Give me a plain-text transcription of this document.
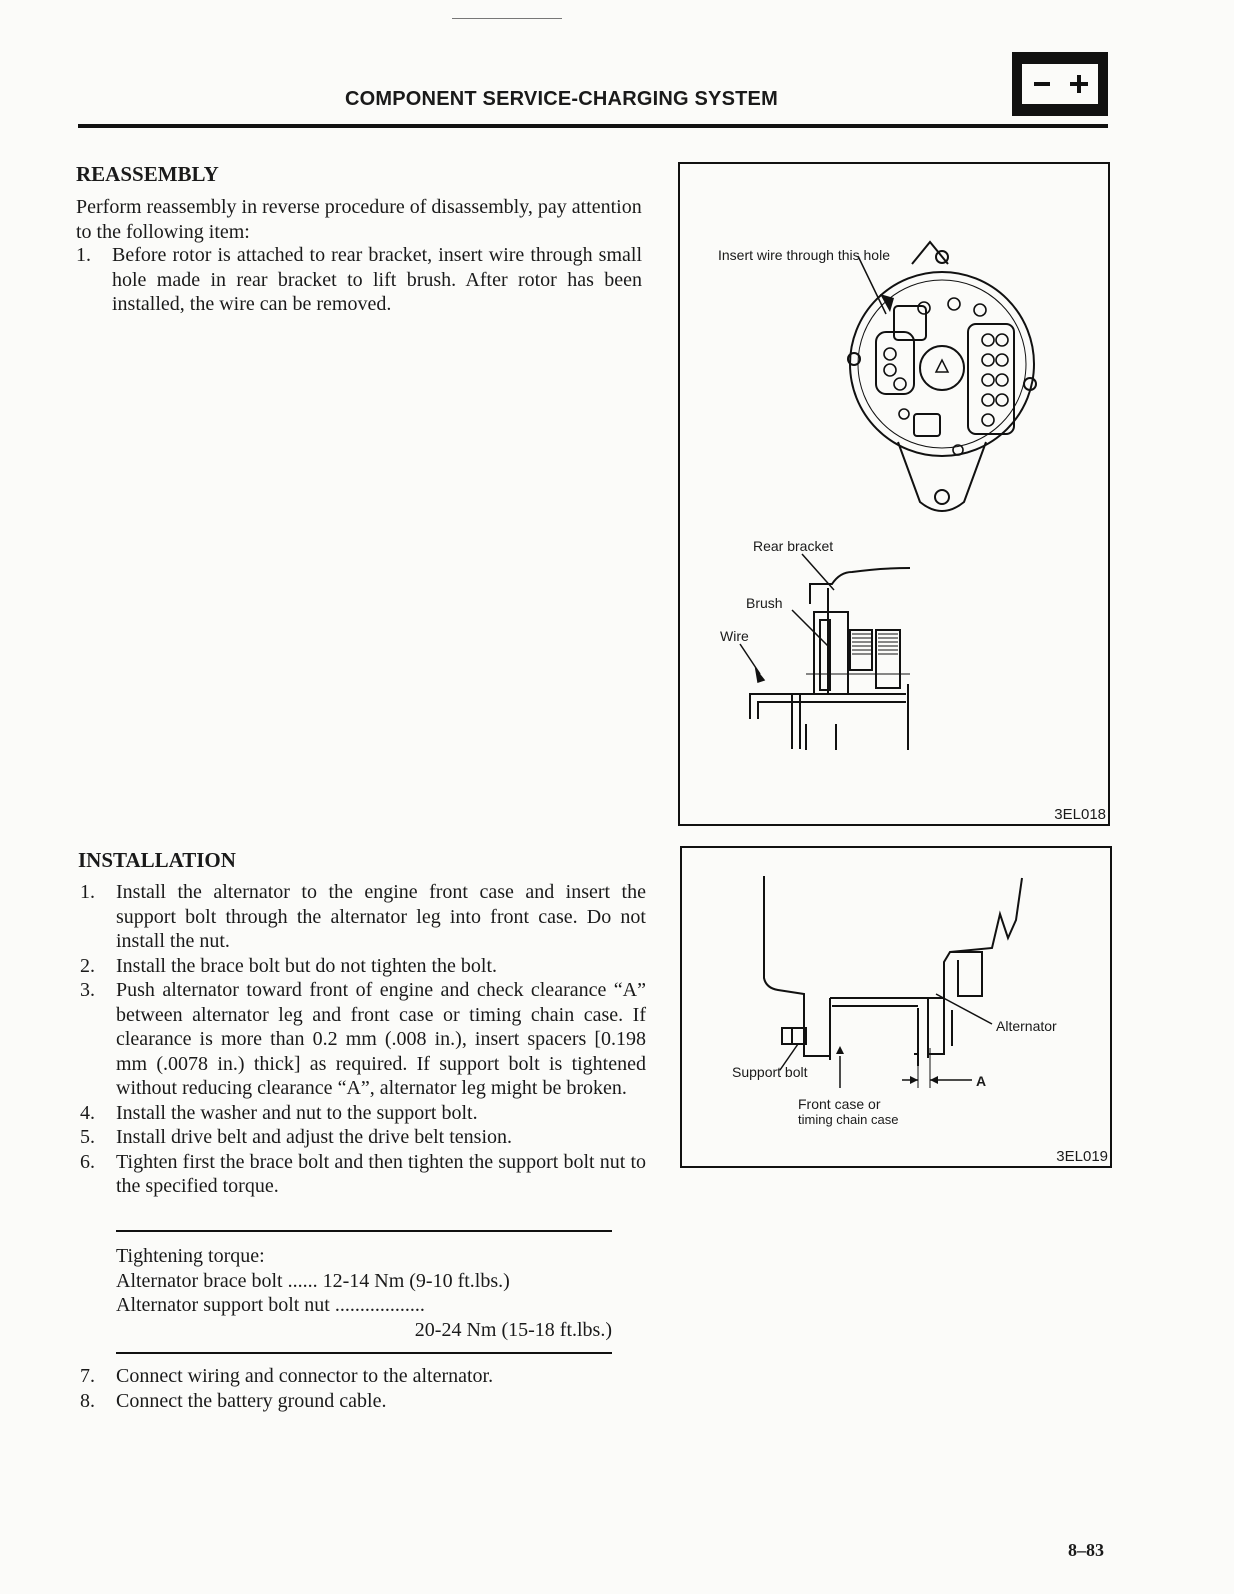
COMPONENT SERVICE-CHARGING SYSTEM
REASSEMBLY
Perform reassembly in reverse procedure of disassembly, pay attention to the following item:
1. Before rotor is attached to rear bracket, insert wire through small hole made in rear bracket to lift brush. After rotor has been installed, the wire can be removed.
Insert wire through this hole
Rear bracket
Brush
Wire
3EL018
INSTALLATION
1. Install the alternator to the engine front case and insert the support bolt through the alternator leg into front case. Do not install the nut.
2. Install the brace bolt but do not tighten the bolt.
3. Push alternator toward front of engine and check clearance “A” between alternator leg and front case or timing chain case. If clearance is more than 0.2 mm (.008 in.), insert spacers [0.198 mm (.0078 in.) thick] as required. If support bolt is tightened without reducing clearance “A”, alternator leg might be broken.
4. Install the washer and nut to the support bolt.
5. Install drive belt and adjust the drive belt tension.
6. Tighten first the brace bolt and then tighten the support bolt nut to the specified torque.
Tightening torque:
Alternator brace bolt ...... 12-14 Nm (9-10 ft.lbs.)
Alternator support bolt nut ..................
20-24 Nm (15-18 ft.lbs.)
7. Connect wiring and connector to the alternator.
8. Connect the battery ground cable.
Alternator
Support bolt
A
Front case or
timing chain case
3EL019
8–83
